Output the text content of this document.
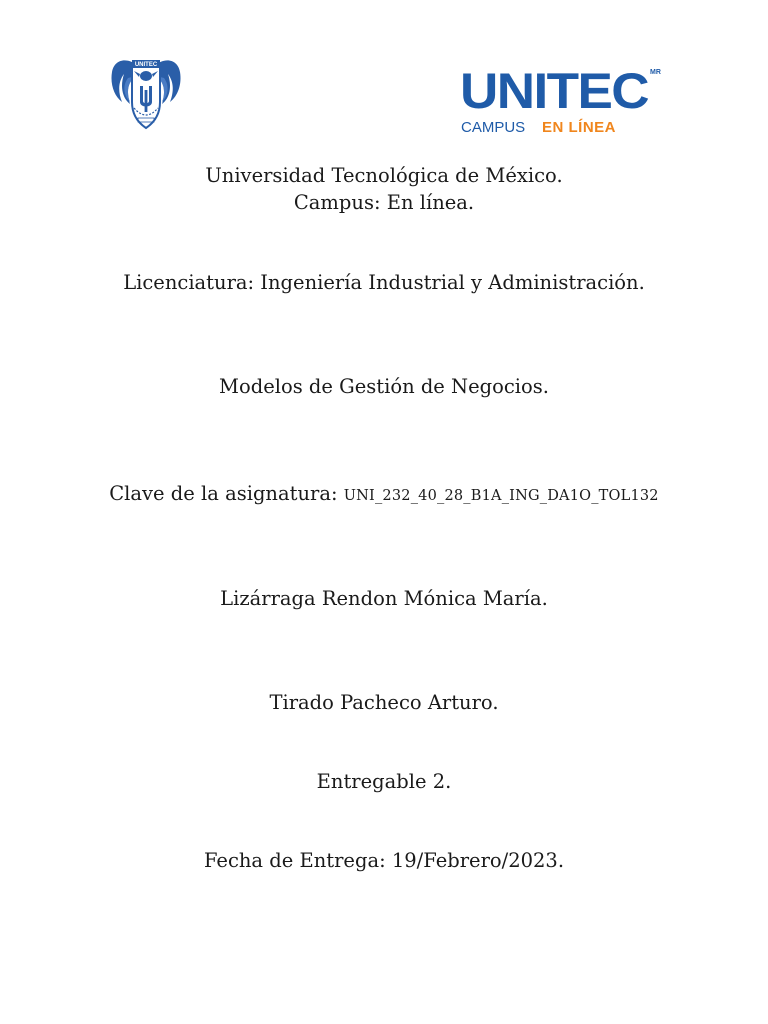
UNITEC	UNITEC MR
CAMPUS EN LÍNEA
Universidad Tecnológica de México.
Campus: En línea.
Licenciatura: Ingeniería Industrial y Administración.
Modelos de Gestión de Negocios.
Clave de la asignatura: UNI_232_40_28_B1A_ING_DA1O_TOL132
Lizárraga Rendon Mónica María.
Tirado Pacheco Arturo.
Entregable 2.
Fecha de Entrega: 19/Febrero/2023.
